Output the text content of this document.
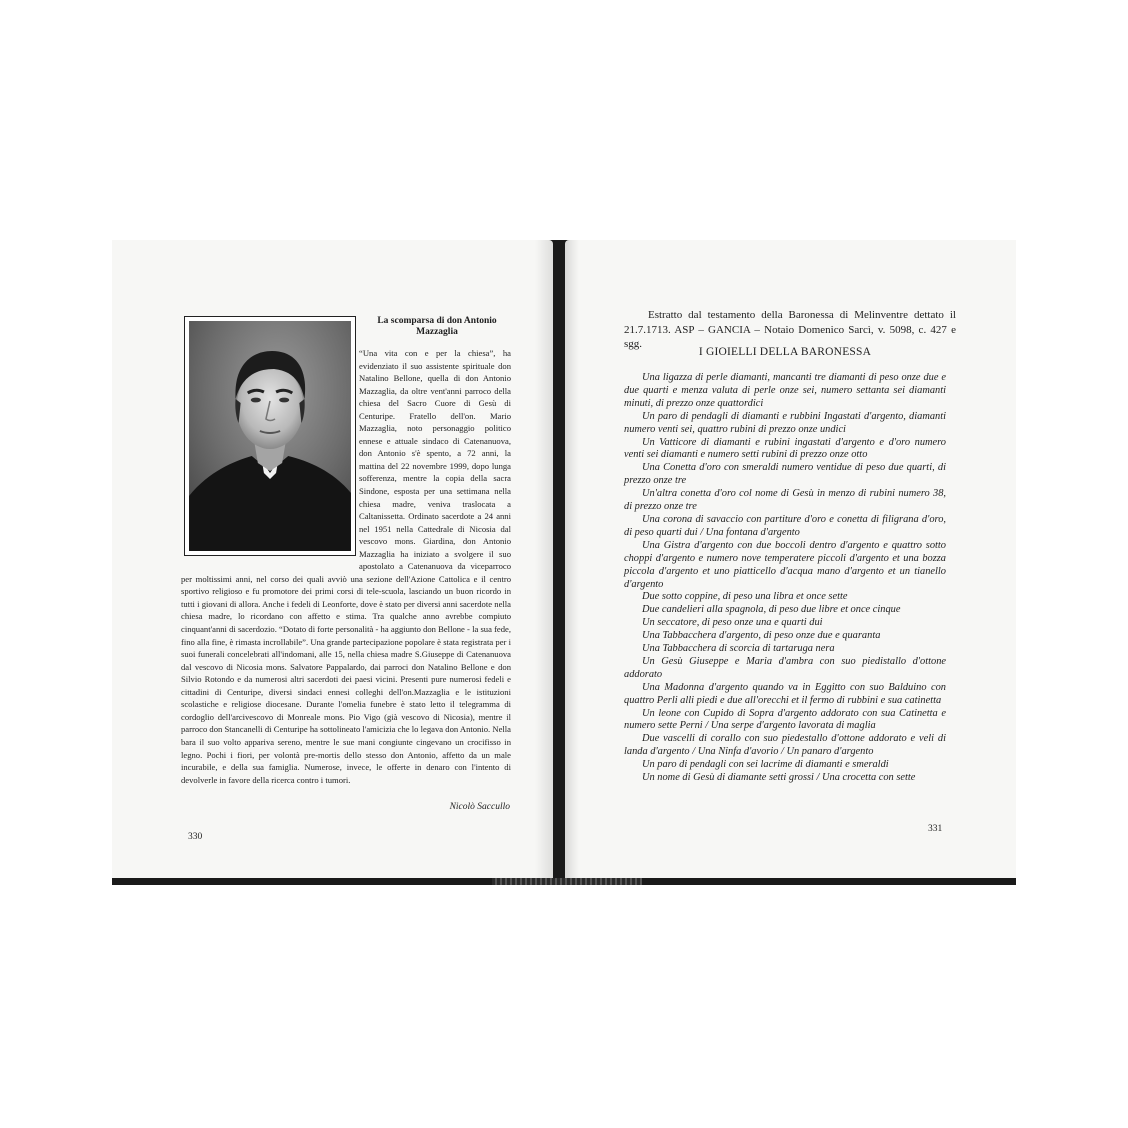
La scomparsa di don Antonio Mazzaglia

“Una vita con e per la chiesa”, ha evidenziato il suo assistente spirituale don Natalino Bellone, quella di don Antonio Mazzaglia, da oltre vent'anni parroco della chiesa del Sacro Cuore di Gesù di Centuripe. Fratello dell'on. Mario Mazzaglia, noto personaggio politico ennese e attuale sindaco di Catenanuova, don Antonio s'è spento, a 72 anni, la mattina del 22 novembre 1999, dopo lunga sofferenza, mentre la copia della sacra Sindone, esposta per una settimana nella chiesa madre, veniva traslocata a Caltanissetta. Ordinato sacerdote a 24 anni nel 1951 nella Cattedrale di Nicosia dal vescovo mons. Giardina, don Antonio Mazzaglia ha iniziato a svolgere il suo apostolato a Catenanuova da viceparroco per moltissimi anni, nel corso dei quali avviò una sezione dell'Azione Cattolica e il centro sportivo religioso e fu promotore dei primi corsi di tele-scuola, lasciando un buon ricordo in tutti i giovani di allora. Anche i fedeli di Leonforte, dove è stato per diversi anni sacerdote nella chiesa madre, lo ricordano con affetto e stima. Tra qualche anno avrebbe compiuto cinquant'anni di sacerdozio. “Dotato di forte personalità - ha aggiunto don Bellone - la sua fede, fino alla fine, è rimasta incrollabile”. Una grande partecipazione popolare è stata registrata per i suoi funerali concelebrati all'indomani, alle 15, nella chiesa madre S.Giuseppe di Catenanuova dal vescovo di Nicosia mons. Salvatore Pappalardo, dai parroci don Natalino Bellone e don Silvio Rotondo e da numerosi altri sacerdoti dei paesi vicini. Presenti pure numerosi fedeli e cittadini di Centuripe, diversi sindaci ennesi colleghi dell'on.Mazzaglia e le istituzioni scolastiche e religiose diocesane. Durante l'omelia funebre è stato letto il telegramma di cordoglio dell'arcivescovo di Monreale mons. Pio Vigo (già vescovo di Nicosia), mentre il parroco don Stancanelli di Centuripe ha sottolineato l'amicizia che lo legava don Antonio. Nella bara il suo volto appariva sereno, mentre le sue mani congiunte cingevano un crocifisso in legno. Pochi i fiori, per volontà pre-mortis dello stesso don Antonio, affetto da un male incurabile, e della sua famiglia. Numerose, invece, le offerte in denaro con l'intento di devolverle in favore della ricerca contro i tumori.

Nicolò Saccullo
330
Estratto dal testamento della Baronessa di Melinventre dettato il 21.7.1713. ASP – GANCIA – Notaio Domenico Sarcì, v. 5098, c. 427 e sgg.
I GIOIELLI DELLA BARONESSA

Una ligazza di perle diamanti, mancanti tre diamanti di peso onze due e due quarti e menza valuta di perle onze sei, numero settanta sei diamanti minuti, di prezzo onze quattordici

Un paro di pendagli di diamanti e rubbini Ingastati d'argento, diamanti numero venti sei, quattro rubini di prezzo onze undici

Un Vatticore di diamanti e rubini ingastati d'argento e d'oro numero venti sei diamanti e numero setti rubini di prezzo onze otto

Una Conetta d'oro con smeraldi numero ventidue di peso due quarti, di prezzo onze tre

Un'altra conetta d'oro col nome di Gesù in menzo di rubini numero 38, di prezzo onze tre

Una corona di savaccio con partiture d'oro e conetta di filigrana d'oro, di peso quarti dui / Una fontana d'argento

Una Gistra d'argento con due boccoli dentro d'argento e quattro sotto choppi d'argento e numero nove temperatere piccoli d'argento et una bozza piccola d'argento et uno piatticello d'acqua mano d'argento et un tianello d'argento

Due sotto coppine, di peso una libra et once sette

Due candelieri alla spagnola, di peso due libre et once cinque

Un seccatore, di peso onze una e quarti dui

Una Tabbacchera d'argento, di peso onze due e quaranta

Una Tabbacchera di scorcia di tartaruga nera

Un Gesù Giuseppe e Maria d'ambra con suo piedistallo d'ottone addorato

Una Madonna d'argento quando va in Eggitto con suo Balduino con quattro Perli alli piedi e due all'orecchi et il fermo di rubbini e sua catinetta

Un leone con Cupido di Sopra d'argento addorato con sua Catinetta e numero sette Perni / Una serpe d'argento lavorata di maglia

Due vascelli di corallo con suo piedestallo d'ottone addorato e veli di landa d'argento / Una Ninfa d'avorio / Un panaro d'argento

Un paro di pendagli con sei lacrime di diamanti e smeraldi

Un nome di Gesù di diamante setti grossi / Una crocetta con sette

331
